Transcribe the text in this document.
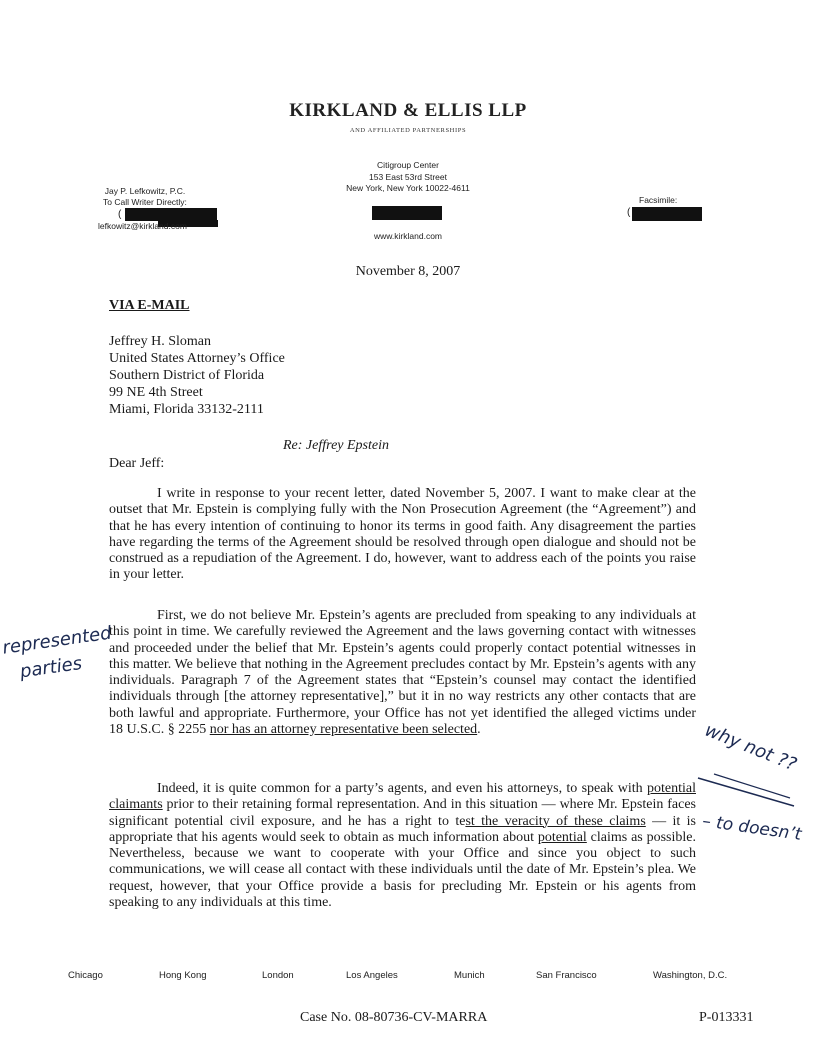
KIRKLAND & ELLIS LLP
AND AFFILIATED PARTNERSHIPS
Citigroup Center
153 East 53rd Street
New York, New York 10022-4611
www.kirkland.com
Jay P. Lefkowitz, P.C.
To Call Writer Directly:
(
lefkowitz@kirkland.com
Facsimile:
(
November 8, 2007
VIA E-MAIL
Jeffrey H. Sloman
United States Attorney’s Office
Southern District of Florida
99 NE 4th Street
Miami, Florida 33132-2111
Re: Jeffrey Epstein
Dear Jeff:
I write in response to your recent letter, dated November 5, 2007. I want to make clear at the outset that Mr. Epstein is complying fully with the Non Prosecution Agreement (the “Agreement”) and that he has every intention of continuing to honor its terms in good faith. Any disagreement the parties have regarding the terms of the Agreement should be resolved through open dialogue and should not be construed as a repudiation of the Agreement. I do, however, want to address each of the points you raise in your letter.
First, we do not believe Mr. Epstein’s agents are precluded from speaking to any individuals at this point in time. We carefully reviewed the Agreement and the laws governing contact with witnesses and proceeded under the belief that Mr. Epstein’s agents could properly contact potential witnesses in this matter. We believe that nothing in the Agreement precludes contact by Mr. Epstein’s agents with any individuals. Paragraph 7 of the Agreement states that “Epstein’s counsel may contact the identified individuals through [the attorney representative],” but it in no way restricts any other contacts that are both lawful and appropriate. Furthermore, your Office has not yet identified the alleged victims under 18 U.S.C. § 2255 nor has an attorney representative been selected.
Indeed, it is quite common for a party’s agents, and even his attorneys, to speak with potential claimants prior to their retaining formal representation. And in this situation — where Mr. Epstein faces significant potential civil exposure, and he has a right to test the veracity of these claims — it is appropriate that his agents would seek to obtain as much information about potential claims as possible. Nevertheless, because we want to cooperate with your Office and since you object to such communications, we will cease all contact with these individuals until the date of Mr. Epstein’s plea. We request, however, that your Office provide a basis for precluding Mr. Epstein or his agents from speaking to any individuals at this time.
represented
parties
why not ??
– to doesn’t
Chicago	Hong Kong	London	Los Angeles	Munich	San Francisco	Washington, D.C.
Case No. 08-80736-CV-MARRA	P-013331
